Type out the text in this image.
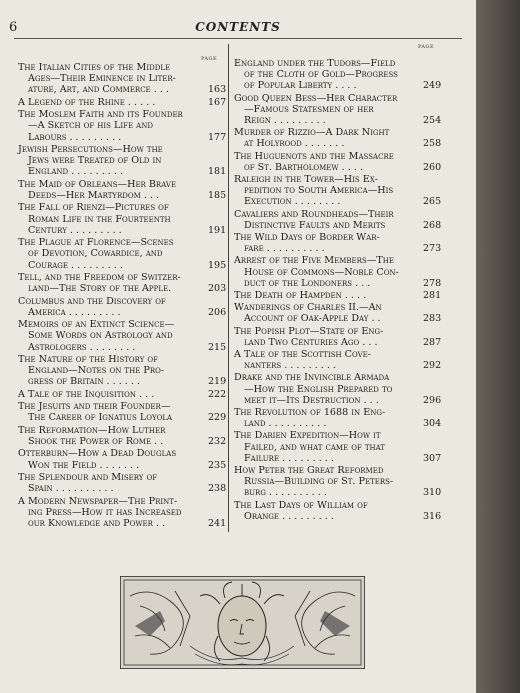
6	CONTENTS
PAGE
PAGE
The Italian Cities of the Middle
Ages—Their Eminence in Liter-
ature, Art, and Commerce . . .	163
A Legend of the Rhine . . . . .	167
The Moslem Faith and its Founder
—A Sketch of his Life and
Labours . . . . . . . . .	177
Jewish Persecutions—How the
Jews were Treated of Old in
England . . . . . . . . .	181
The Maid of Orleans—Her Brave
Deeds—Her Martyrdom . . .	185
The Fall of Rienzi—Pictures of
Roman Life in the Fourteenth
Century . . . . . . . . .	191
The Plague at Florence—Scenes
of Devotion, Cowardice, and
Courage . . . . . . . . .	195
Tell, and the Freedom of Switzer-
land—The Story of the Apple.	203
Columbus and the Discovery of
America . . . . . . . . .	206
Memoirs of an Extinct Science—
Some Words on Astrology and
Astrologers . . . . . . . .	215
The Nature of the History of
England—Notes on the Pro-
gress of Britain . . . . . .	219
A Tale of the Inquisition . . .	222
The Jesuits and their Founder—
The Career of Ignatius Loyola	229
The Reformation—How Luther
Shook the Power of Rome . .	232
Otterburn—How a Dead Douglas
Won the Field . . . . . . .	235
The Splendour and Misery of
Spain . . . . . . . . . .	238
A Modern Newspaper—The Print-
ing Press—How it has Increased
our Knowledge and Power . .	241
England under the Tudors—Field
of the Cloth of Gold—Progress
of Popular Liberty . . . .	249
Good Queen Bess—Her Character
—Famous Statesmen of her
Reign . . . . . . . . .	254
Murder of Rizzio—A Dark Night
at Holyrood . . . . . . .	258
The Huguenots and the Massacre
of St. Bartholomew . . . .	260
Raleigh in the Tower—His Ex-
pedition to South America—His
Execution . . . . . . . .	265
Cavaliers and Roundheads—Their
Distinctive Faults and Merits	268
The Wild Days of Border War-
fare . . . . . . . . . .	273
Arrest of the Five Members—The
House of Commons—Noble Con-
duct of the Londoners . . .	278
The Death of Hampden . . . .	281
Wanderings of Charles II.—An
Account of Oak-Apple Day . .	283
The Popish Plot—State of Eng-
land Two Centuries Ago . . .	287
A Tale of the Scottish Cove-
nanters . . . . . . . . .	292
Drake and the Invincible Armada
—How the English Prepared to
meet it—Its Destruction . . .	296
The Revolution of 1688 in Eng-
land . . . . . . . . . .	304
The Darien Expedition—How it
Failed, and what came of that
Failure . . . . . . . . .	307
How Peter the Great Reformed
Russia—Building of St. Peters-
burg . . . . . . . . . .	310
The Last Days of William of
Orange . . . . . . . . .	316
